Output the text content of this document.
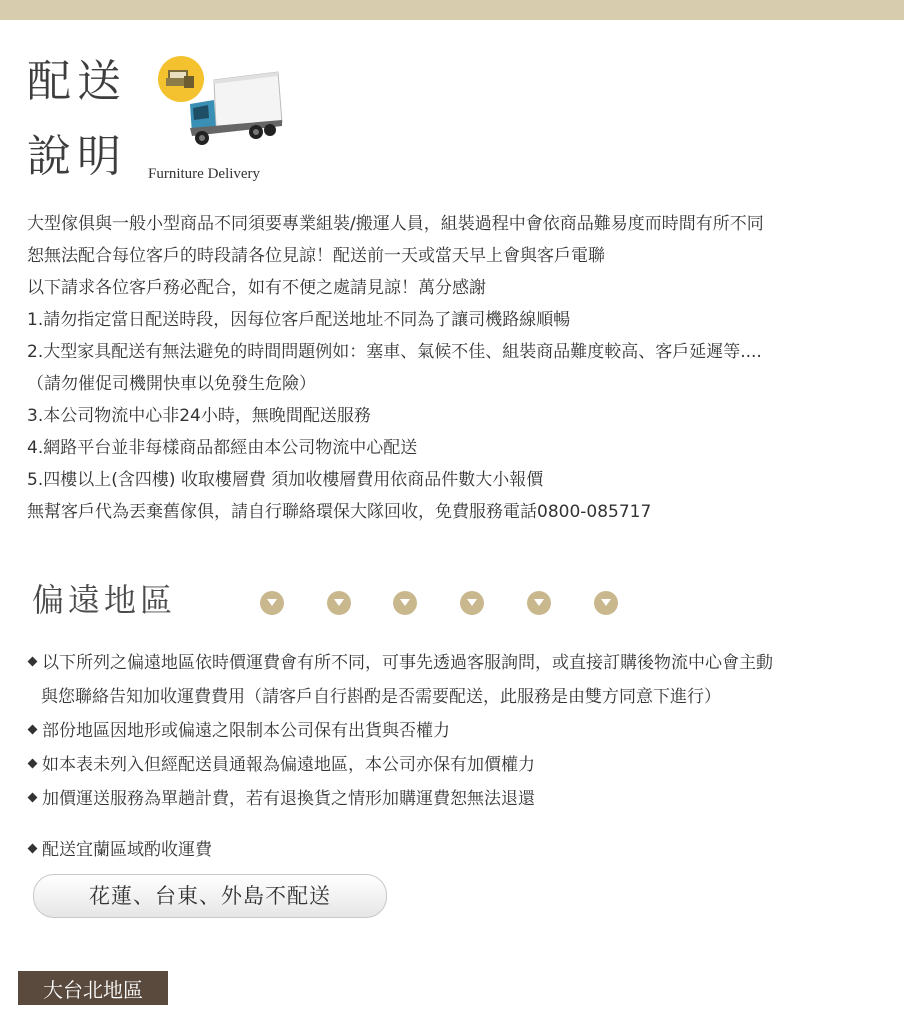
配送
說明 Furniture Delivery
大型傢俱與一般小型商品不同須要專業組裝/搬運人員，組裝過程中會依商品難易度而時間有所不同
恕無法配合每位客戶的時段請各位見諒！配送前一天或當天早上會與客戶電聯
以下請求各位客戶務必配合，如有不便之處請見諒！萬分感謝
1.請勿指定當日配送時段，因每位客戶配送地址不同為了讓司機路線順暢
2.大型家具配送有無法避免的時間問題例如：塞車、氣候不佳、組裝商品難度較高、客戶延遲等....
（請勿催促司機開快車以免發生危險）
3.本公司物流中心非24小時，無晚間配送服務
4.網路平台並非每樣商品都經由本公司物流中心配送
5.四樓以上(含四樓) 收取樓層費 須加收樓層費用依商品件數大小報價
無幫客戶代為丟棄舊傢俱，請自行聯絡環保大隊回收，免費服務電話0800-085717
偏遠地區
以下所列之偏遠地區依時價運費會有所不同，可事先透過客服詢問，或直接訂購後物流中心會主動
與您聯絡告知加收運費費用（請客戶自行斟酌是否需要配送，此服務是由雙方同意下進行）
部份地區因地形或偏遠之限制本公司保有出貨與否權力
如本表未列入但經配送員通報為偏遠地區，本公司亦保有加價權力
加價運送服務為單趟計費，若有退換貨之情形加購運費恕無法退還
配送宜蘭區域酌收運費
花蓮、台東、外島不配送
大台北地區
